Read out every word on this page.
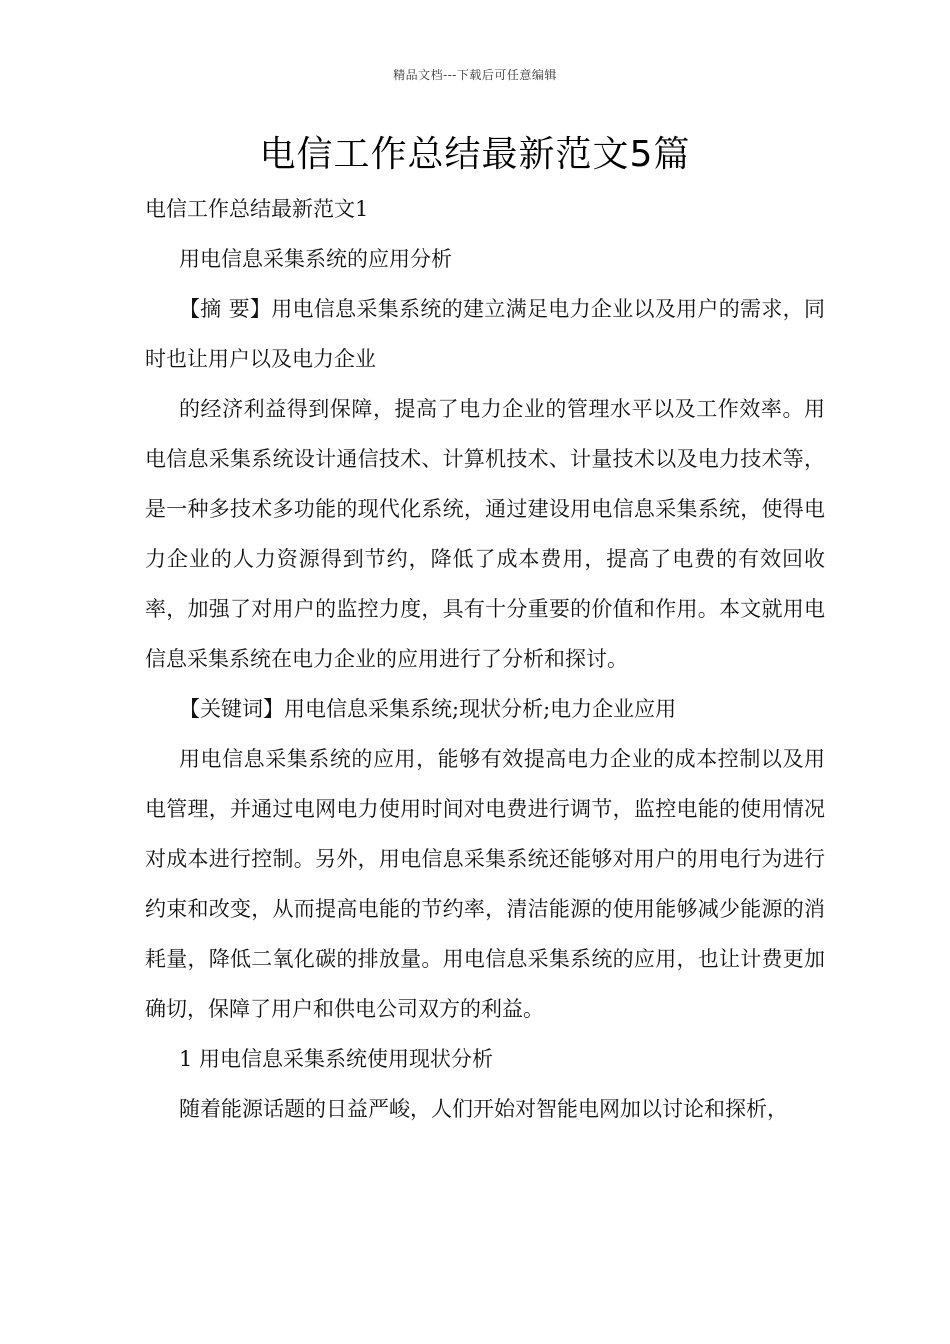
精品文档---下载后可任意编辑
电信工作总结最新范文5篇

电信工作总结最新范文1

用电信息采集系统的应用分析

【摘 要】用电信息采集系统的建立满足电力企业以及用户的需求，同时也让用户以及电力企业

的经济利益得到保障，提高了电力企业的管理水平以及工作效率。用电信息采集系统设计通信技术、计算机技术、计量技术以及电力技术等，是一种多技术多功能的现代化系统，通过建设用电信息采集系统，使得电力企业的人力资源得到节约，降低了成本费用，提高了电费的有效回收率，加强了对用户的监控力度，具有十分重要的价值和作用。本文就用电信息采集系统在电力企业的应用进行了分析和探讨。

【关键词】用电信息采集系统;现状分析;电力企业应用

用电信息采集系统的应用，能够有效提高电力企业的成本控制以及用电管理，并通过电网电力使用时间对电费进行调节，监控电能的使用情况对成本进行控制。另外，用电信息采集系统还能够对用户的用电行为进行约束和改变，从而提高电能的节约率，清洁能源的使用能够减少能源的消耗量，降低二氧化碳的排放量。用电信息采集系统的应用，也让计费更加确切，保障了用户和供电公司双方的利益。

1 用电信息采集系统使用现状分析

随着能源话题的日益严峻，人们开始对智能电网加以讨论和探析，
